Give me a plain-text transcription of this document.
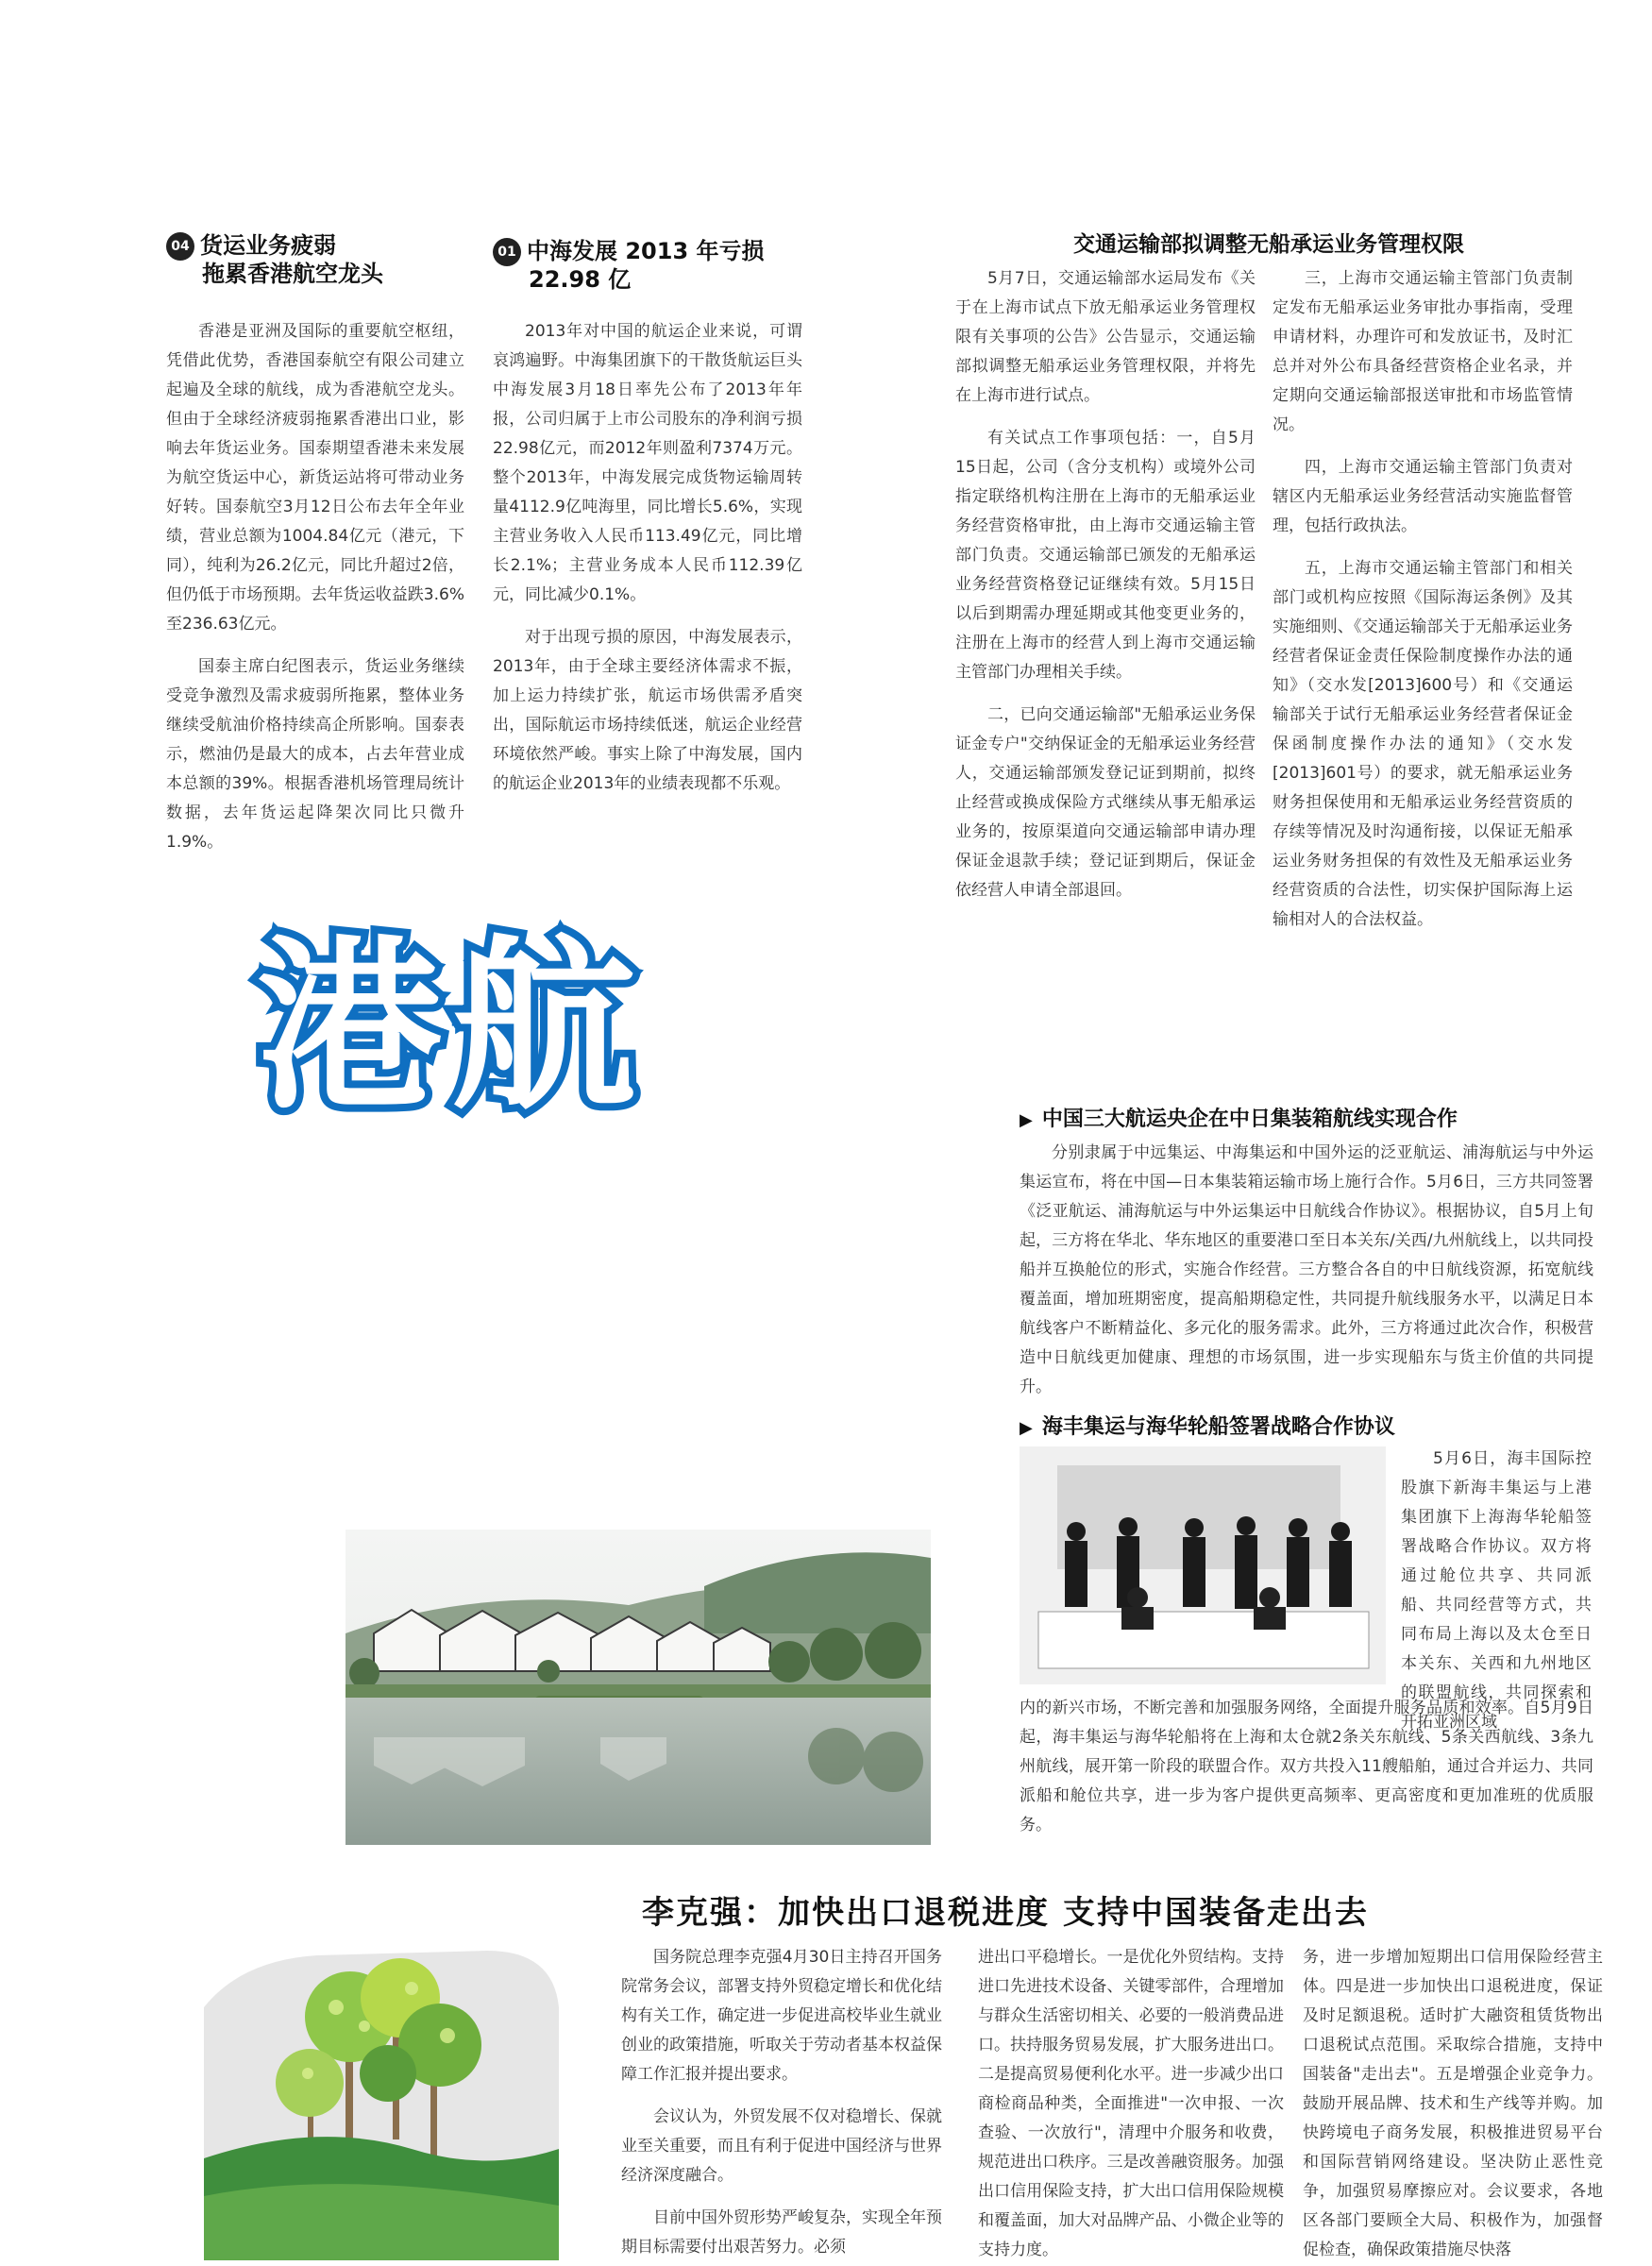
04 货运业务疲弱
拖累香港航空龙头

香港是亚洲及国际的重要航空枢纽，凭借此优势，香港国泰航空有限公司建立起遍及全球的航线，成为香港航空龙头。但由于全球经济疲弱拖累香港出口业，影响去年货运业务。国泰期望香港未来发展为航空货运中心，新货运站将可带动业务好转。国泰航空3月12日公布去年全年业绩，营业总额为1004.84亿元（港元，下同），纯利为26.2亿元，同比升超过2倍，但仍低于市场预期。去年货运收益跌3.6%至236.63亿元。

国泰主席白纪图表示，货运业务继续受竞争激烈及需求疲弱所拖累，整体业务继续受航油价格持续高企所影响。国泰表示，燃油仍是最大的成本，占去年营业成本总额的39%。根据香港机场管理局统计数据，去年货运起降架次同比只微升1.9%。

01 中海发展 2013 年亏损
22.98 亿

2013年对中国的航运企业来说，可谓哀鸿遍野。中海集团旗下的干散货航运巨头中海发展3月18日率先公布了2013年年报，公司归属于上市公司股东的净利润亏损22.98亿元，而2012年则盈利7374万元。整个2013年，中海发展完成货物运输周转量4112.9亿吨海里，同比增长5.6%，实现主营业务收入人民币113.49亿元，同比增长2.1%；主营业务成本人民币112.39亿元，同比减少0.1%。

对于出现亏损的原因，中海发展表示，2013年，由于全球主要经济体需求不振，加上运力持续扩张，航运市场供需矛盾突出，国际航运市场持续低迷，航运企业经营环境依然严峻。事实上除了中海发展，国内的航运企业2013年的业绩表现都不乐观。

交通运输部拟调整无船承运业务管理权限

5月7日，交通运输部水运局发布《关于在上海市试点下放无船承运业务管理权限有关事项的公告》公告显示，交通运输部拟调整无船承运业务管理权限，并将先在上海市进行试点。

有关试点工作事项包括：一，自5月15日起，公司（含分支机构）或境外公司指定联络机构注册在上海市的无船承运业务经营资格审批，由上海市交通运输主管部门负责。交通运输部已颁发的无船承运业务经营资格登记证继续有效。5月15日以后到期需办理延期或其他变更业务的，注册在上海市的经营人到上海市交通运输主管部门办理相关手续。

二，已向交通运输部"无船承运业务保证金专户"交纳保证金的无船承运业务经营人，交通运输部颁发登记证到期前，拟终止经营或换成保险方式继续从事无船承运业务的，按原渠道向交通运输部申请办理保证金退款手续；登记证到期后，保证金依经营人申请全部退回。

三，上海市交通运输主管部门负责制定发布无船承运业务审批办事指南，受理申请材料，办理许可和发放证书，及时汇总并对外公布具备经营资格企业名录，并定期向交通运输部报送审批和市场监管情况。

四，上海市交通运输主管部门负责对辖区内无船承运业务经营活动实施监督管理，包括行政执法。

五，上海市交通运输主管部门和相关部门或机构应按照《国际海运条例》及其实施细则、《交通运输部关于无船承运业务经营者保证金责任保险制度操作办法的通知》（交水发[2013]600号）和《交通运输部关于试行无船承运业务经营者保证金保函制度操作办法的通知》（交水发[2013]601号）的要求，就无船承运业务财务担保使用和无船承运业务经营资质的存续等情况及时沟通衔接，以保证无船承运业务财务担保的有效性及无船承运业务经营资质的合法性，切实保护国际海上运输相对人的合法权益。

港航	▶ 中国三大航运央企在中日集装箱航线实现合作

分别隶属于中远集运、中海集运和中国外运的泛亚航运、浦海航运与中外运集运宣布，将在中国—日本集装箱运输市场上施行合作。5月6日，三方共同签署《泛亚航运、浦海航运与中外运集运中日航线合作协议》。根据协议，自5月上旬起，三方将在华北、华东地区的重要港口至日本关东/关西/九州航线上，以共同投船并互换舱位的形式，实施合作经营。三方整合各自的中日航线资源，拓宽航线覆盖面，增加班期密度，提高船期稳定性，共同提升航线服务水平，以满足日本航线客户不断精益化、多元化的服务需求。此外，三方将通过此次合作，积极营造中日航线更加健康、理想的市场氛围，进一步实现船东与货主价值的共同提升。

▶ 海丰集运与海华轮船签署战略合作协议

5月6日，海丰国际控股旗下新海丰集运与上港集团旗下上海海华轮船签署战略合作协议。双方将通过舱位共享、共同派船、共同经营等方式，共同布局上海以及太仓至日本关东、关西和九州地区的联盟航线，共同探索和开拓亚洲区域

内的新兴市场，不断完善和加强服务网络，全面提升服务品质和效率。自5月9日起，海丰集运与海华轮船将在上海和太仓就2条关东航线、5条关西航线、3条九州航线，展开第一阶段的联盟合作。双方共投入11艘船舶，通过合并运力、共同派船和舱位共享，进一步为客户提供更高频率、更高密度和更加准班的优质服务。

李克强：加快出口退税进度 支持中国装备走出去

国务院总理李克强4月30日主持召开国务院常务会议，部署支持外贸稳定增长和优化结构有关工作，确定进一步促进高校毕业生就业创业的政策措施，听取关于劳动者基本权益保障工作汇报并提出要求。

会议认为，外贸发展不仅对稳增长、保就业至关重要，而且有利于促进中国经济与世界经济深度融合。

目前中国外贸形势严峻复杂，实现全年预期目标需要付出艰苦努力。必须

进出口平稳增长。一是优化外贸结构。支持进口先进技术设备、关键零部件，合理增加与群众生活密切相关、必要的一般消费品进口。扶持服务贸易发展，扩大服务进出口。二是提高贸易便利化水平。进一步减少出口商检商品种类，全面推进"一次申报、一次查验、一次放行"，清理中介服务和收费，规范进出口秩序。三是改善融资服务。加强出口信用保险支持，扩大出口信用保险规模和覆盖面，加大对品牌产品、小微企业等的支持力度。

务，进一步增加短期出口信用保险经营主体。四是进一步加快出口退税进度，保证及时足额退税。适时扩大融资租赁货物出口退税试点范围。采取综合措施，支持中国装备"走出去"。五是增强企业竞争力。鼓励开展品牌、技术和生产线等并购。加快跨境电子商务发展，积极推进贸易平台和国际营销网络建设。坚决防止恶性竞争，加强贸易摩擦应对。会议要求，各地区各部门要顾全大局、积极作为，加强督促检查，确保政策措施尽快落
